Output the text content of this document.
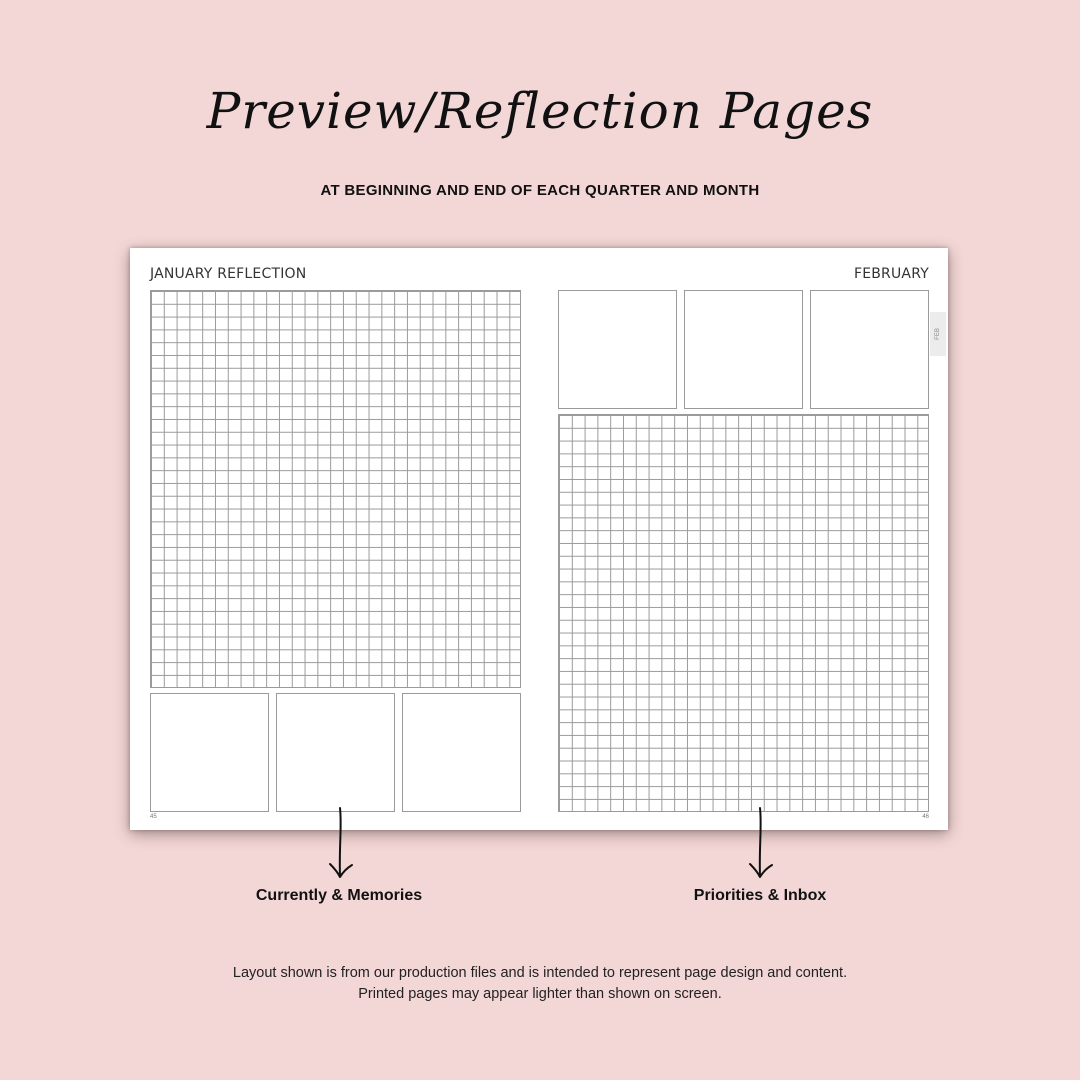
Preview/Reflection Pages
AT BEGINNING AND END OF EACH QUARTER AND MONTH
JANUARY REFLECTION
45
FEBRUARY
FEB
46
Currently & Memories	Priorities & Inbox
Layout shown is from our production files and is intended to represent page design and content.
Printed pages may appear lighter than shown on screen.
